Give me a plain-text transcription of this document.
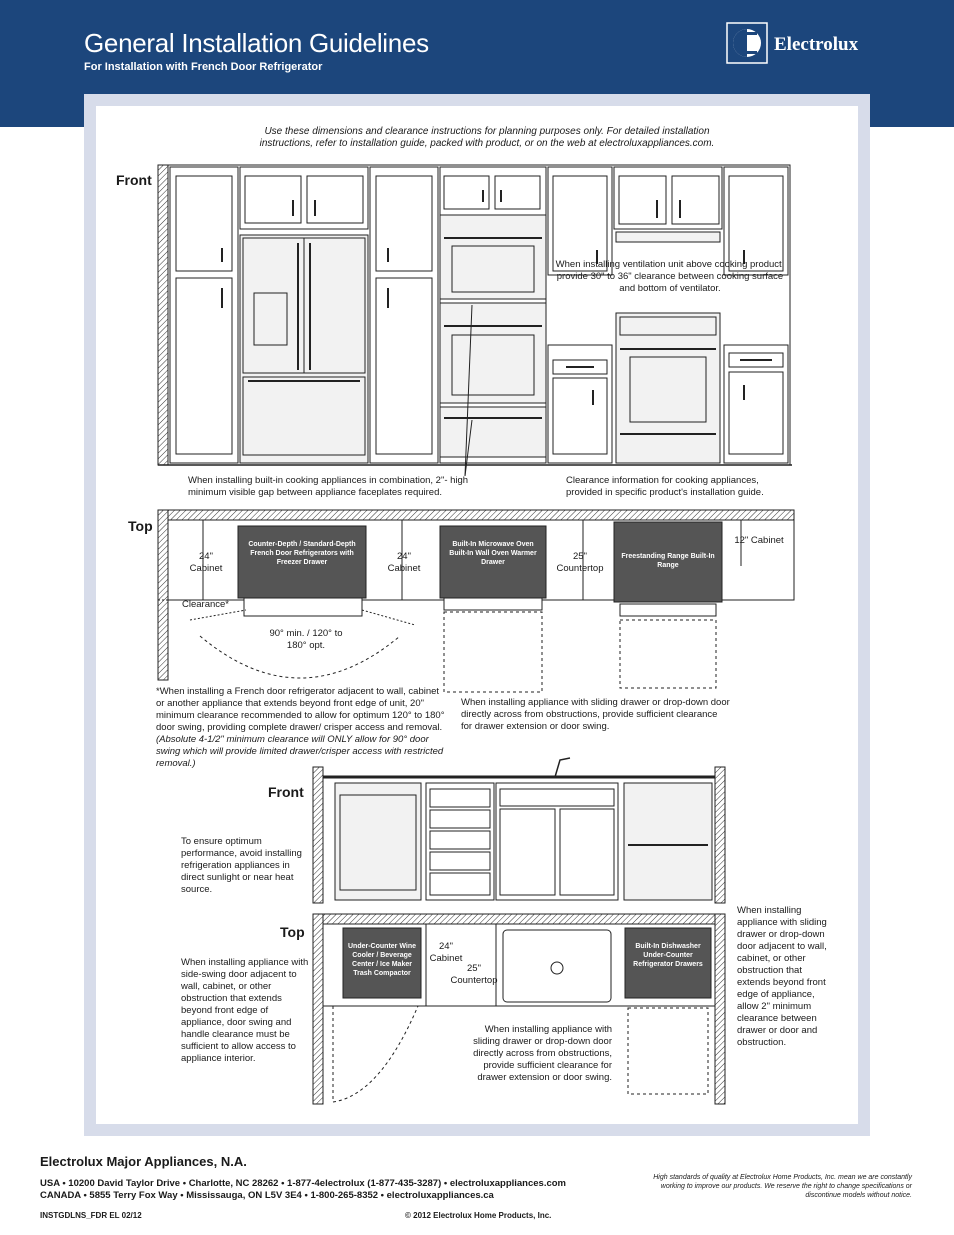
General Installation Guidelines
For Installation with French Door Refrigerator
Electrolux
Use these dimensions and clearance instructions for planning purposes only. For detailed installation instructions, refer to installation guide, packed with product, or on the web at electroluxappliances.com.
Front
Top
Front
Top
When installing ventilation unit above cooking product, provide 30" to 36" clearance between cooking surface and bottom of ventilator.
When installing built-in cooking appliances in combination, 2"- high minimum visible gap between appliance faceplates required.
Clearance information for cooking appliances, provided in specific product's installation guide.
24" Cabinet
Counter-Depth / Standard-Depth French Door Refrigerators with Freezer Drawer
24" Cabinet
Built-In Microwave Oven Built-In Wall Oven Warmer Drawer
25" Countertop
Freestanding Range Built-In Range
12" Cabinet
Clearance*
90° min. / 120° to 180° opt.
*When installing a French door refrigerator adjacent to wall, cabinet or another appliance that extends beyond front edge of unit, 20" minimum clearance recommended to allow for optimum 120° to 180° door swing, providing complete drawer/ crisper access and removal. (Absolute 4-1/2" minimum clearance will ONLY allow for 90° door swing which will provide limited drawer/crisper access with restricted removal.)
When installing appliance with sliding drawer or drop-down door directly across from obstructions, provide sufficient clearance for drawer extension or door swing.
To ensure optimum performance, avoid installing refrigeration appliances in direct sunlight or near heat source.
Under-Counter Wine Cooler / Beverage Center / Ice Maker Trash Compactor
24" Cabinet
25" Countertop
Built-In Dishwasher Under-Counter Refrigerator Drawers
When installing appliance with side-swing door adjacent to wall, cabinet, or other obstruction that extends beyond front edge of appliance, door swing and handle clearance must be sufficient to allow access to appliance interior.
When installing appliance with sliding drawer or drop-down door directly across from obstructions, provide sufficient clearance for drawer extension or door swing.
When installing appliance with sliding drawer or drop-down door adjacent to wall, cabinet, or other obstruction that extends beyond front edge of appliance, allow 2" minimum clearance between drawer or door and obstruction.
Electrolux Major Appliances, N.A.
USA • 10200 David Taylor Drive • Charlotte, NC 28262 • 1-877-4electrolux (1-877-435-3287) • electroluxappliances.com
CANADA • 5855 Terry Fox Way • Mississauga, ON L5V 3E4 • 1-800-265-8352 • electroluxappliances.ca
High standards of quality at Electrolux Home Products, Inc. mean we are constantly working to improve our products. We reserve the right to change specifications or discontinue models without notice.
INSTGDLNS_FDR EL 02/12	© 2012 Electrolux Home Products, Inc.
